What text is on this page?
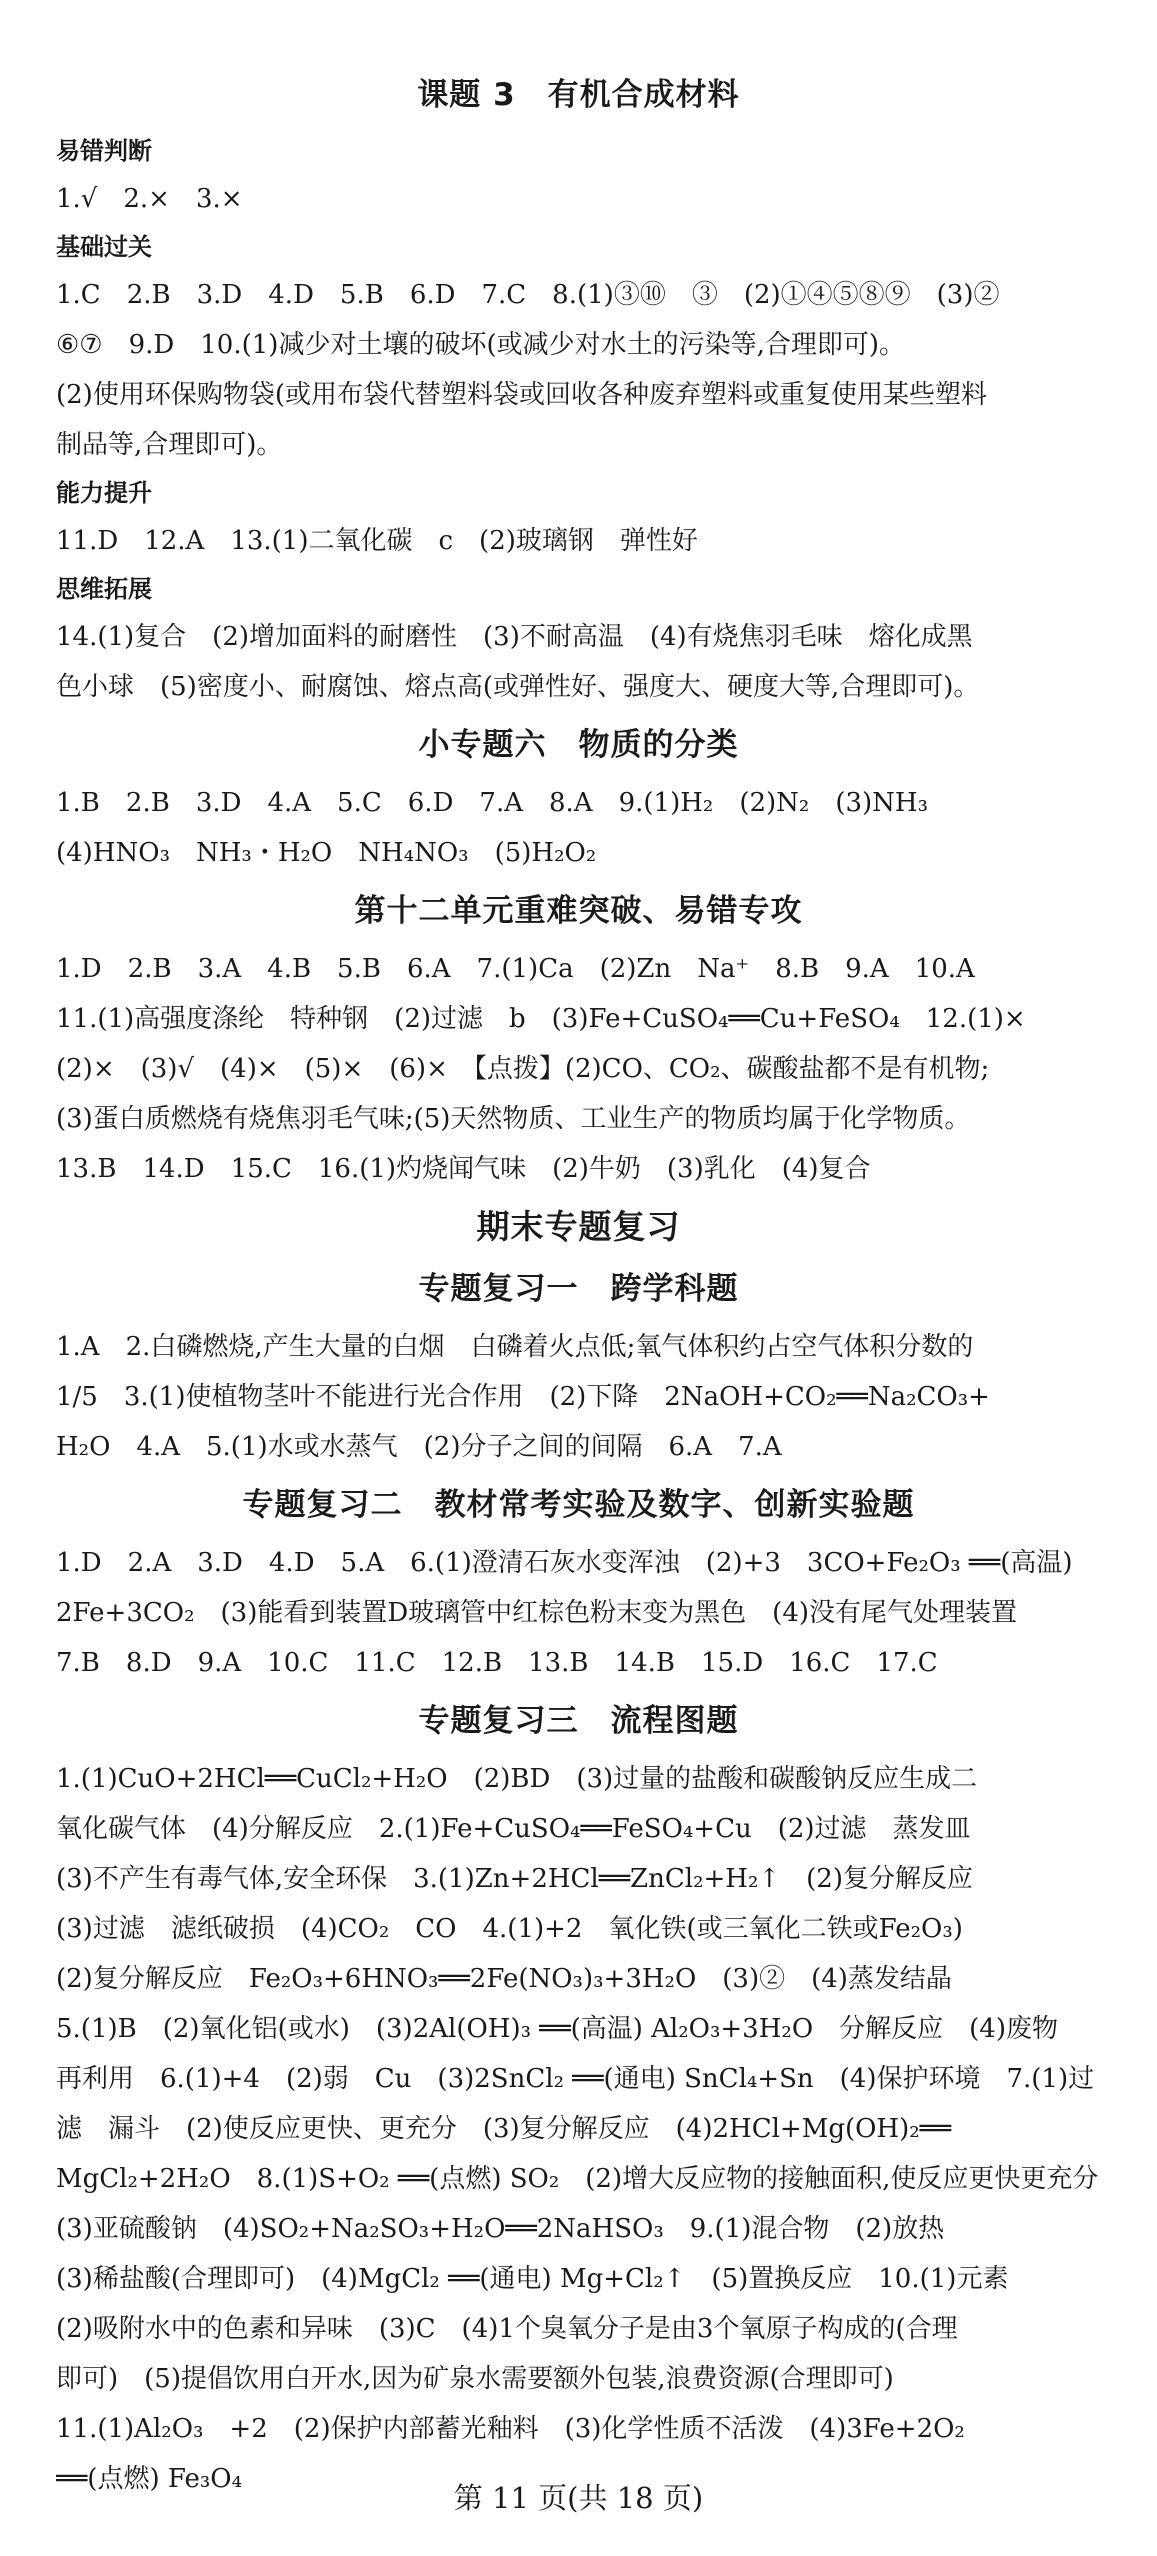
课题 3　有机合成材料
易错判断
1.√　2.×　3.×
基础过关
1.C　2.B　3.D　4.D　5.B　6.D　7.C　8.(1)③⑩　③　(2)①④⑤⑧⑨　(3)②
⑥⑦　9.D　10.(1)减少对土壤的破坏(或减少对水土的污染等,合理即可)。
(2)使用环保购物袋(或用布袋代替塑料袋或回收各种废弃塑料或重复使用某些塑料
制品等,合理即可)。
能力提升
11.D　12.A　13.(1)二氧化碳　c　(2)玻璃钢　弹性好
思维拓展
14.(1)复合　(2)增加面料的耐磨性　(3)不耐高温　(4)有烧焦羽毛味　熔化成黑
色小球　(5)密度小、耐腐蚀、熔点高(或弹性好、强度大、硬度大等,合理即可)。
小专题六　物质的分类
1.B　2.B　3.D　4.A　5.C　6.D　7.A　8.A　9.(1)H₂　(2)N₂　(3)NH₃
(4)HNO₃　NH₃・H₂O　NH₄NO₃　(5)H₂O₂
第十二单元重难突破、易错专攻
1.D　2.B　3.A　4.B　5.B　6.A　7.(1)Ca　(2)Zn　Na⁺　8.B　9.A　10.A
11.(1)高强度涤纶　特种钢　(2)过滤　b　(3)Fe+CuSO₄══Cu+FeSO₄　12.(1)×
(2)×　(3)√　(4)×　(5)×　(6)×　【点拨】(2)CO、CO₂、碳酸盐都不是有机物;
(3)蛋白质燃烧有烧焦羽毛气味;(5)天然物质、工业生产的物质均属于化学物质。
13.B　14.D　15.C　16.(1)灼烧闻气味　(2)牛奶　(3)乳化　(4)复合
期末专题复习
专题复习一　跨学科题
1.A　2.白磷燃烧,产生大量的白烟　白磷着火点低;氧气体积约占空气体积分数的
1/5　3.(1)使植物茎叶不能进行光合作用　(2)下降　2NaOH+CO₂══Na₂CO₃+
H₂O　4.A　5.(1)水或水蒸气　(2)分子之间的间隔　6.A　7.A
专题复习二　教材常考实验及数字、创新实验题
1.D　2.A　3.D　4.D　5.A　6.(1)澄清石灰水变浑浊　(2)+3　3CO+Fe₂O₃ ══(高温)
2Fe+3CO₂　(3)能看到装置D玻璃管中红棕色粉末变为黑色　(4)没有尾气处理装置
7.B　8.D　9.A　10.C　11.C　12.B　13.B　14.B　15.D　16.C　17.C
专题复习三　流程图题
1.(1)CuO+2HCl══CuCl₂+H₂O　(2)BD　(3)过量的盐酸和碳酸钠反应生成二
氧化碳气体　(4)分解反应　2.(1)Fe+CuSO₄══FeSO₄+Cu　(2)过滤　蒸发皿
(3)不产生有毒气体,安全环保　3.(1)Zn+2HCl══ZnCl₂+H₂↑　(2)复分解反应
(3)过滤　滤纸破损　(4)CO₂　CO　4.(1)+2　氧化铁(或三氧化二铁或Fe₂O₃)
(2)复分解反应　Fe₂O₃+6HNO₃══2Fe(NO₃)₃+3H₂O　(3)②　(4)蒸发结晶
5.(1)B　(2)氧化铝(或水)　(3)2Al(OH)₃ ══(高温) Al₂O₃+3H₂O　分解反应　(4)废物
再利用　6.(1)+4　(2)弱　Cu　(3)2SnCl₂ ══(通电) SnCl₄+Sn　(4)保护环境　7.(1)过
滤　漏斗　(2)使反应更快、更充分　(3)复分解反应　(4)2HCl+Mg(OH)₂══
MgCl₂+2H₂O　8.(1)S+O₂ ══(点燃) SO₂　(2)增大反应物的接触面积,使反应更快更充分
(3)亚硫酸钠　(4)SO₂+Na₂SO₃+H₂O══2NaHSO₃　9.(1)混合物　(2)放热
(3)稀盐酸(合理即可)　(4)MgCl₂ ══(通电) Mg+Cl₂↑　(5)置换反应　10.(1)元素
(2)吸附水中的色素和异味　(3)C　(4)1个臭氧分子是由3个氧原子构成的(合理
即可)　(5)提倡饮用白开水,因为矿泉水需要额外包装,浪费资源(合理即可)
11.(1)Al₂O₃　+2　(2)保护内部蓄光釉料　(3)化学性质不活泼　(4)3Fe+2O₂
══(点燃) Fe₃O₄
第 11 页(共 18 页)
